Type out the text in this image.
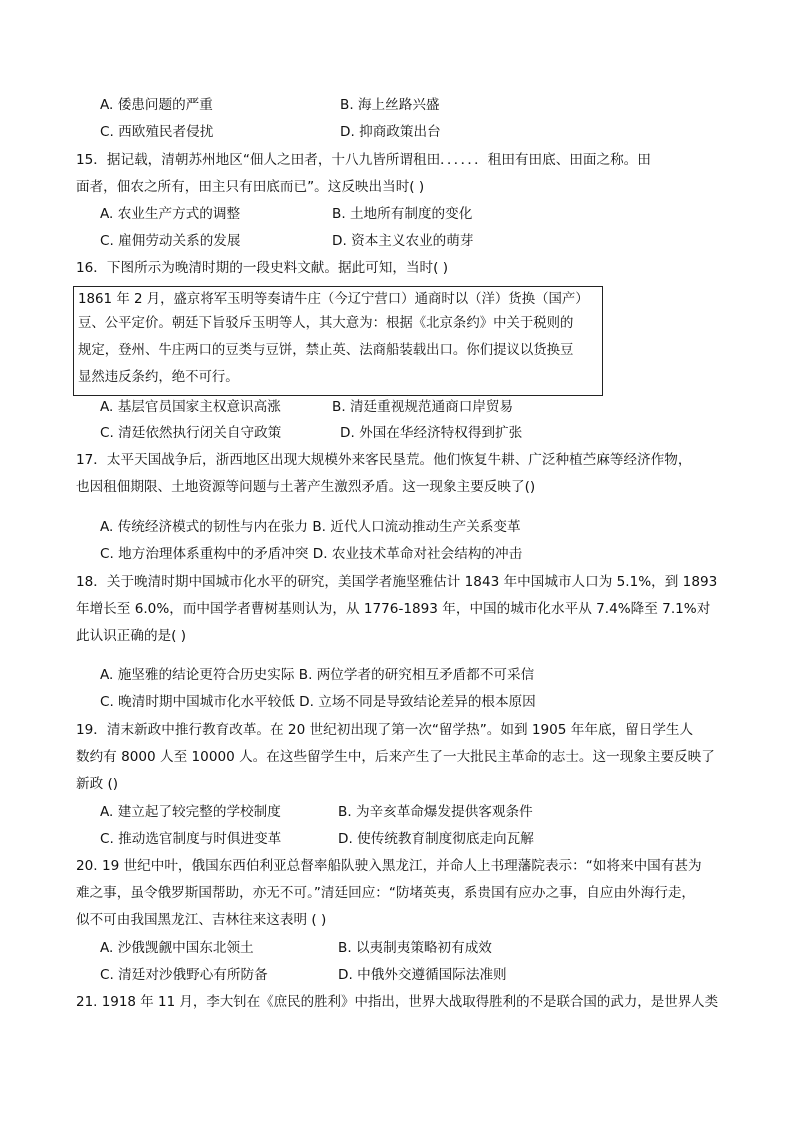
A. 倭患问题的严重	B. 海上丝路兴盛
C. 西欧殖民者侵扰	D. 抑商政策出台
15．据记载，清朝苏州地区“佃人之田者，十八九皆所谓租田．．．．．．租田有田底、田面之称。田
面者，佃农之所有，田主只有田底而已”。这反映出当时( )
A. 农业生产方式的调整	B. 土地所有制度的变化
C. 雇佣劳动关系的发展	D. 资本主义农业的萌芽
16．下图所示为晚清时期的一段史料文献。据此可知，当时( )
1861 年 2 月，盛京将军玉明等奏请牛庄（今辽宁营口）通商时以（洋）货换（国产）
豆、公平定价。朝廷下旨驳斥玉明等人，其大意为：根据《北京条约》中关于税则的
规定，登州、牛庄两口的豆类与豆饼，禁止英、法商船装载出口。你们提议以货换豆
显然违反条约，绝不可行。
A. 基层官员国家主权意识高涨	B. 清廷重视规范通商口岸贸易
C. 清廷依然执行闭关自守政策	D. 外国在华经济特权得到扩张
17．太平天国战争后，浙西地区出现大规模外来客民垦荒。他们恢复牛耕、广泛种植苎麻等经济作物，
也因租佃期限、土地资源等问题与土著产生激烈矛盾。这一现象主要反映了()
A. 传统经济模式的韧性与内在张力 B. 近代人口流动推动生产关系变革
C. 地方治理体系重构中的矛盾冲突 D. 农业技术革命对社会结构的冲击
18．关于晚清时期中国城市化水平的研究，美国学者施坚雅估计 1843 年中国城市人口为 5.1%，到 1893
年增长至 6.0%，而中国学者曹树基则认为，从 1776-1893 年，中国的城市化水平从 7.4%降至 7.1%对
此认识正确的是( )
A. 施坚雅的结论更符合历史实际 B. 两位学者的研究相互矛盾都不可采信
C. 晚清时期中国城市化水平较低 D. 立场不同是导致结论差异的根本原因
19．清末新政中推行教育改革。在 20 世纪初出现了第一次“留学热”。如到 1905 年年底，留日学生人
数约有 8000 人至 10000 人。在这些留学生中，后来产生了一大批民主革命的志士。这一现象主要反映了
新政 ()
A. 建立起了较完整的学校制度	B. 为辛亥革命爆发提供客观条件
C. 推动选官制度与时俱进变革	D. 使传统教育制度彻底走向瓦解
20. 19 世纪中叶，俄国东西伯利亚总督率船队驶入黑龙江，并命人上书理藩院表示：“如将来中国有甚为
难之事，虽令俄罗斯国帮助，亦无不可。”清廷回应：“防堵英夷，系贵国有应办之事，自应由外海行走，
似不可由我国黑龙江、吉林往来这表明 ( )
A. 沙俄觊觎中国东北领土	B. 以夷制夷策略初有成效
C. 清廷对沙俄野心有所防备	D. 中俄外交遵循国际法准则
21. 1918 年 11 月，李大钊在《庶民的胜利》中指出，世界大战取得胜利的不是联合国的武力，是世界人类
